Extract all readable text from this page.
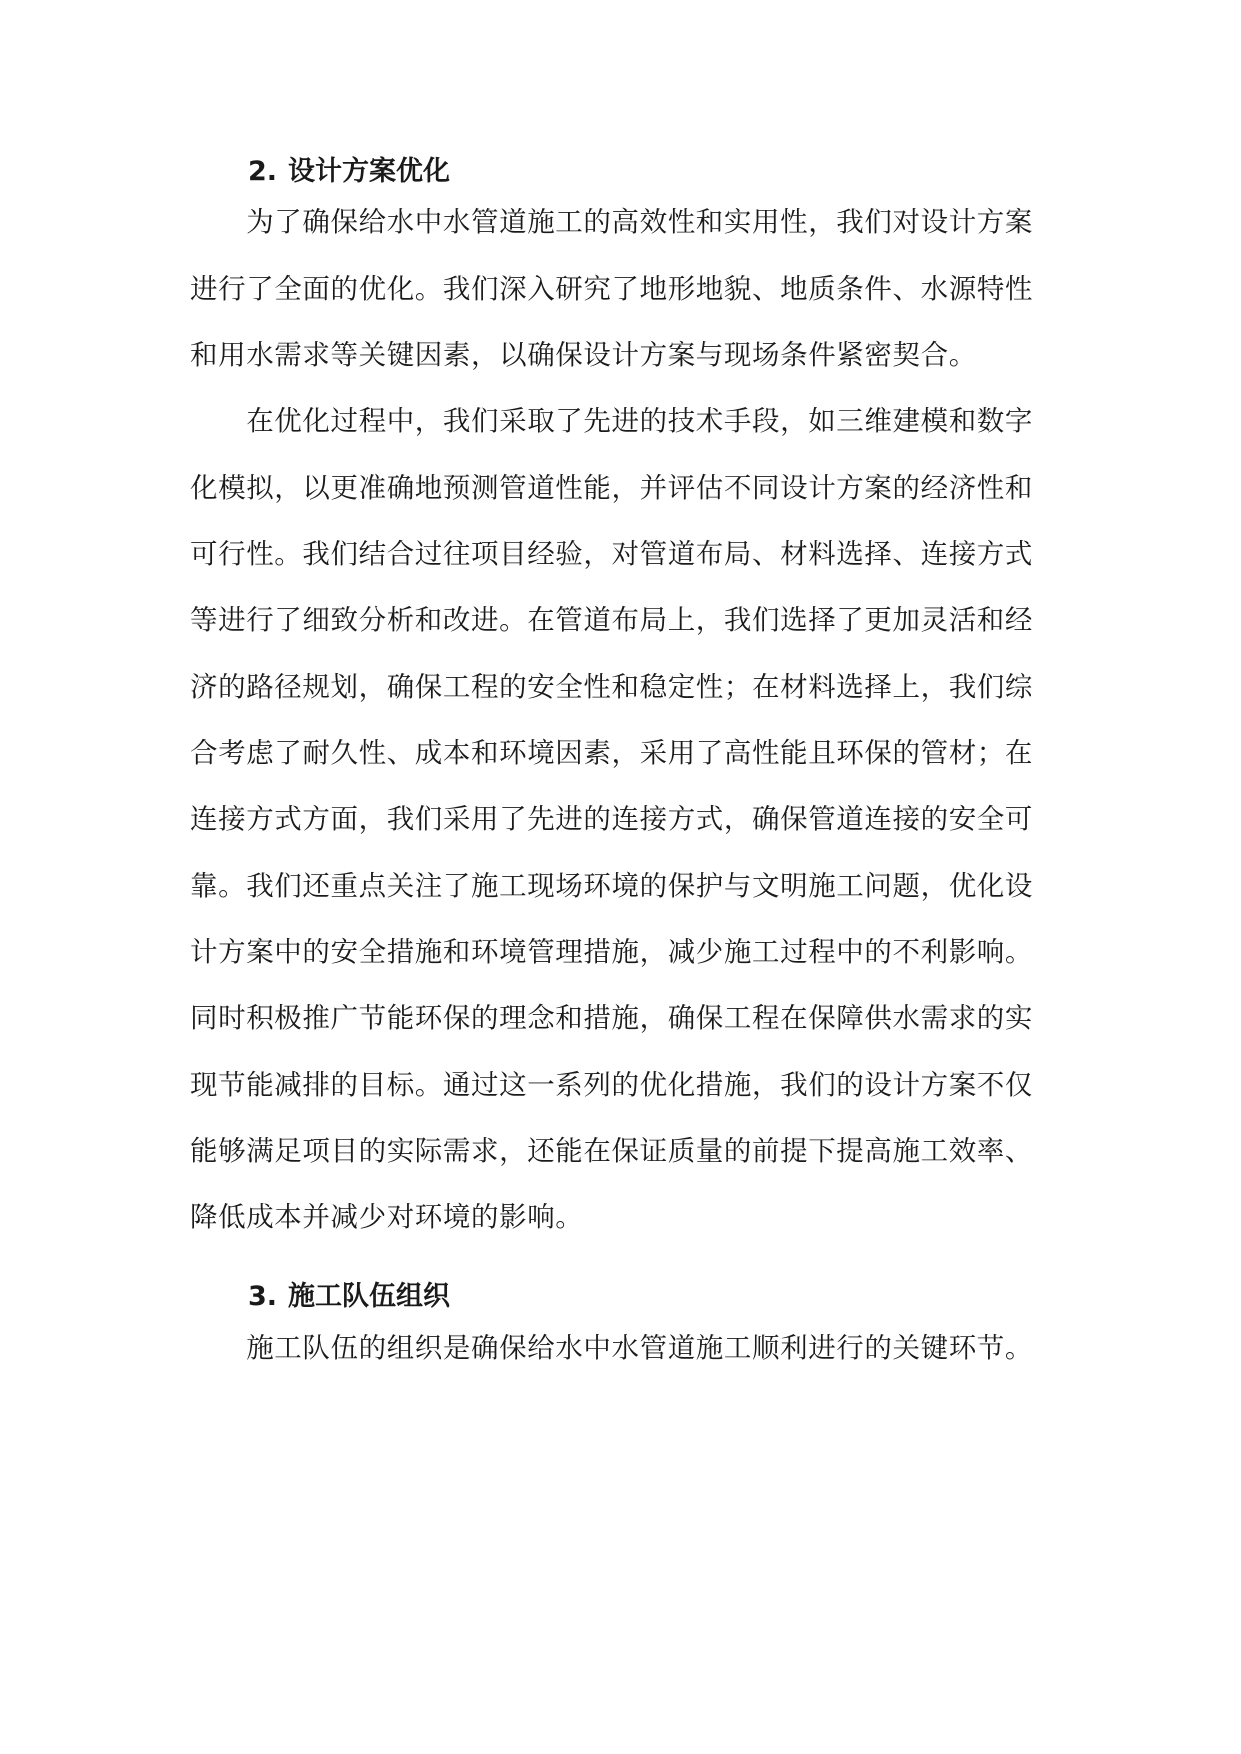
2. 设计方案优化
　　为了确保给水中水管道施工的高效性和实用性，我们对设计方案
进行了全面的优化。我们深入研究了地形地貌、地质条件、水源特性
和用水需求等关键因素，以确保设计方案与现场条件紧密契合。
　　在优化过程中，我们采取了先进的技术手段，如三维建模和数字
化模拟，以更准确地预测管道性能，并评估不同设计方案的经济性和
可行性。我们结合过往项目经验，对管道布局、材料选择、连接方式
等进行了细致分析和改进。在管道布局上，我们选择了更加灵活和经
济的路径规划，确保工程的安全性和稳定性；在材料选择上，我们综
合考虑了耐久性、成本和环境因素，采用了高性能且环保的管材；在
连接方式方面，我们采用了先进的连接方式，确保管道连接的安全可
靠。我们还重点关注了施工现场环境的保护与文明施工问题，优化设
计方案中的安全措施和环境管理措施，减少施工过程中的不利影响。
同时积极推广节能环保的理念和措施，确保工程在保障供水需求的实
现节能减排的目标。通过这一系列的优化措施，我们的设计方案不仅
能够满足项目的实际需求，还能在保证质量的前提下提高施工效率、
降低成本并减少对环境的影响。
3. 施工队伍组织
　　施工队伍的组织是确保给水中水管道施工顺利进行的关键环节。
